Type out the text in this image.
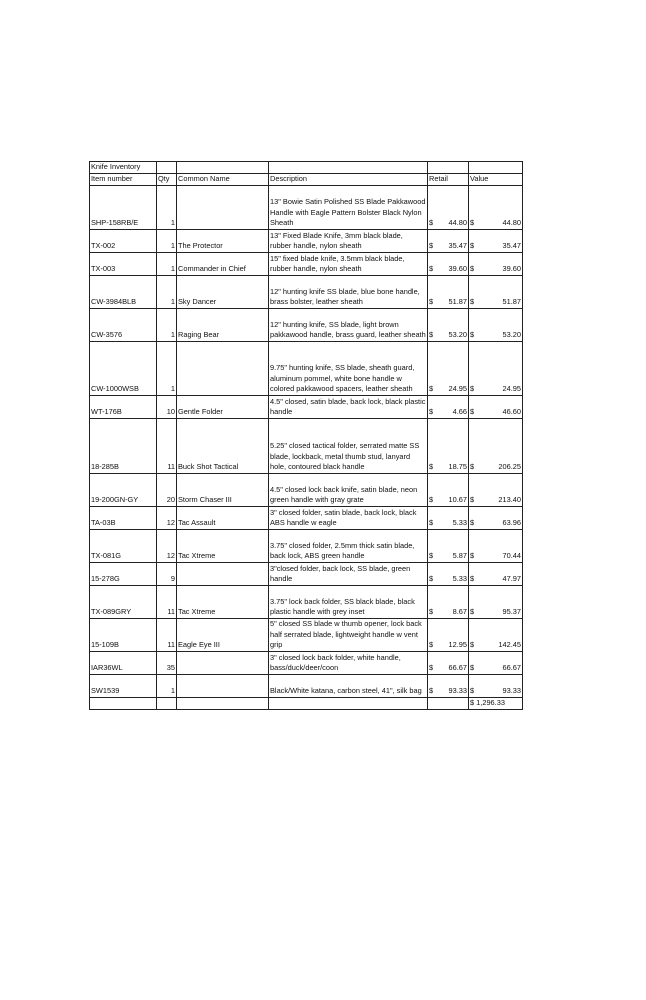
Knife Inventory					
Item number	Qty	Common Name	Description	Retail	Value
SHP-158RB/E	1		13" Bowie Satin Polished SS Blade Pakkawood Handle with Eagle Pattern Bolster Black Nylon Sheath	$ 44.80	$ 44.80

TX-002	1	The Protector	13" Fixed Blade Knife, 3mm black blade, rubber handle, nylon sheath	$ 35.47	$ 35.47

TX-003	1	Commander in Chief	15" fixed blade knife, 3.5mm black blade, rubber handle, nylon sheath	$ 39.60	$ 39.60

CW-3984BLB	1	Sky Dancer	12" hunting knife SS blade, blue bone handle, brass bolster, leather sheath	$ 51.87	$ 51.87

CW-3576	1	Raging Bear	12" hunting knife, SS blade, light brown pakkawood handle, brass guard, leather sheath	$ 53.20	$ 53.20

CW-1000WSB	1		9.75" hunting knife, SS blade, sheath guard, aluminum pommel, white bone handle w colored pakkawood spacers, leather sheath	$ 24.95	$ 24.95

WT-176B	10	Gentle Folder	4.5" closed, satin blade, back lock, black plastic handle	$ 4.66	$ 46.60

18-285B	11	Buck Shot Tactical	5.25" closed tactical folder, serrated matte SS blade, lockback, metal thumb stud, lanyard hole, contoured black handle	$ 18.75	$ 206.25

19-200GN-GY	20	Storm Chaser III	4.5" closed lock back knife, satin blade, neon green handle with gray grate	$ 10.67	$ 213.40

TA-03B	12	Tac Assault	3" closed folder, satin blade, back lock, black ABS handle w eagle	$ 5.33	$ 63.96

TX-081G	12	Tac Xtreme	3.75" closed folder, 2.5mm thick satin blade, back lock, ABS green handle	$ 5.87	$ 70.44

15-278G	9		3"closed folder, back lock, SS blade, green handle	$ 5.33	$ 47.97

TX-089GRY	11	Tac Xtreme	3.75" lock back folder, SS black blade, black plastic handle with grey inset	$ 8.67	$ 95.37

15-109B	11	Eagle Eye III	5" closed SS blade w thumb opener, lock back half serrated blade, lightweight handle w vent grip	$ 12.95	$ 142.45

IAR36WL	35		3" closed lock back folder, white handle, bass/duck/deer/coon	$ 66.67	$ 66.67

SW1539	1		Black/White katana, carbon steel, 41", silk bag	$ 93.33	$ 93.33

					$ 1,296.33
